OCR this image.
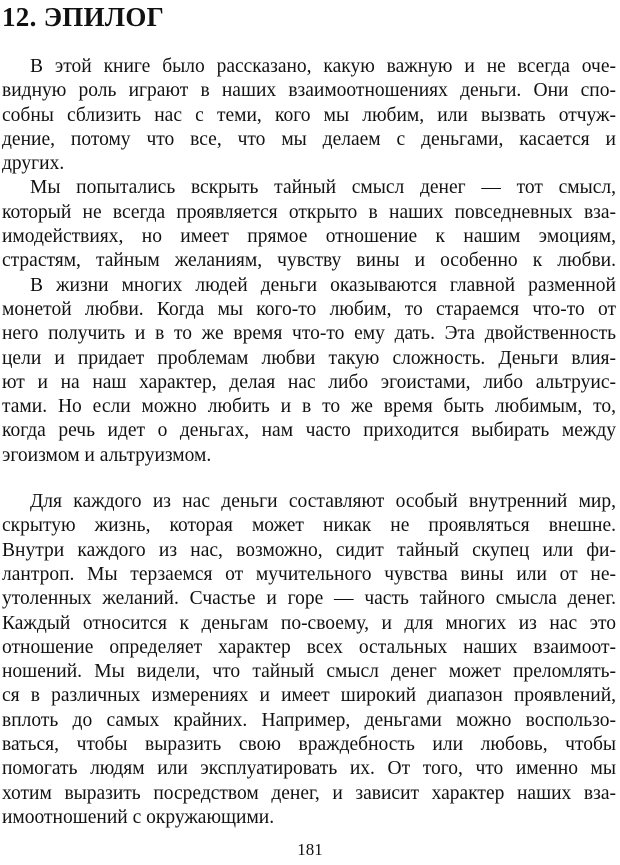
12. ЭПИЛОГ
В этой книге было рассказано, какую важную и не всегда оче-
видную роль играют в наших взаимоотношениях деньги. Они спо-
собны сблизить нас с теми, кого мы любим, или вызвать отчуж-
дение, потому что все, что мы делаем с деньгами, касается и
других.
Мы попытались вскрыть тайный смысл денег — тот смысл,
который не всегда проявляется открыто в наших повседневных вза-
имодействиях, но имеет прямое отношение к нашим эмоциям,
страстям, тайным желаниям, чувству вины и особенно к любви.
В жизни многих людей деньги оказываются главной разменной
монетой любви. Когда мы кого-то любим, то стараемся что-то от
него получить и в то же время что-то ему дать. Эта двойственность
цели и придает проблемам любви такую сложность. Деньги влия-
ют и на наш характер, делая нас либо эгоистами, либо альтруис-
тами. Но если можно любить и в то же время быть любимым, то,
когда речь идет о деньгах, нам часто приходится выбирать между
эгоизмом и альтруизмом.
Для каждого из нас деньги составляют особый внутренний мир,
скрытую жизнь, которая может никак не проявляться внешне.
Внутри каждого из нас, возможно, сидит тайный скупец или фи-
лантроп. Мы терзаемся от мучительного чувства вины или от не-
утоленных желаний. Счастье и горе — часть тайного смысла денег.
Каждый относится к деньгам по-своему, и для многих из нас это
отношение определяет характер всех остальных наших взаимоот-
ношений. Мы видели, что тайный смысл денег может преломлять-
ся в различных измерениях и имеет широкий диапазон проявлений,
вплоть до самых крайних. Например, деньгами можно воспользо-
ваться, чтобы выразить свою враждебность или любовь, чтобы
помогать людям или эксплуатировать их. От того, что именно мы
хотим выразить посредством денег, и зависит характер наших вза-
имоотношений с окружающими.
181
